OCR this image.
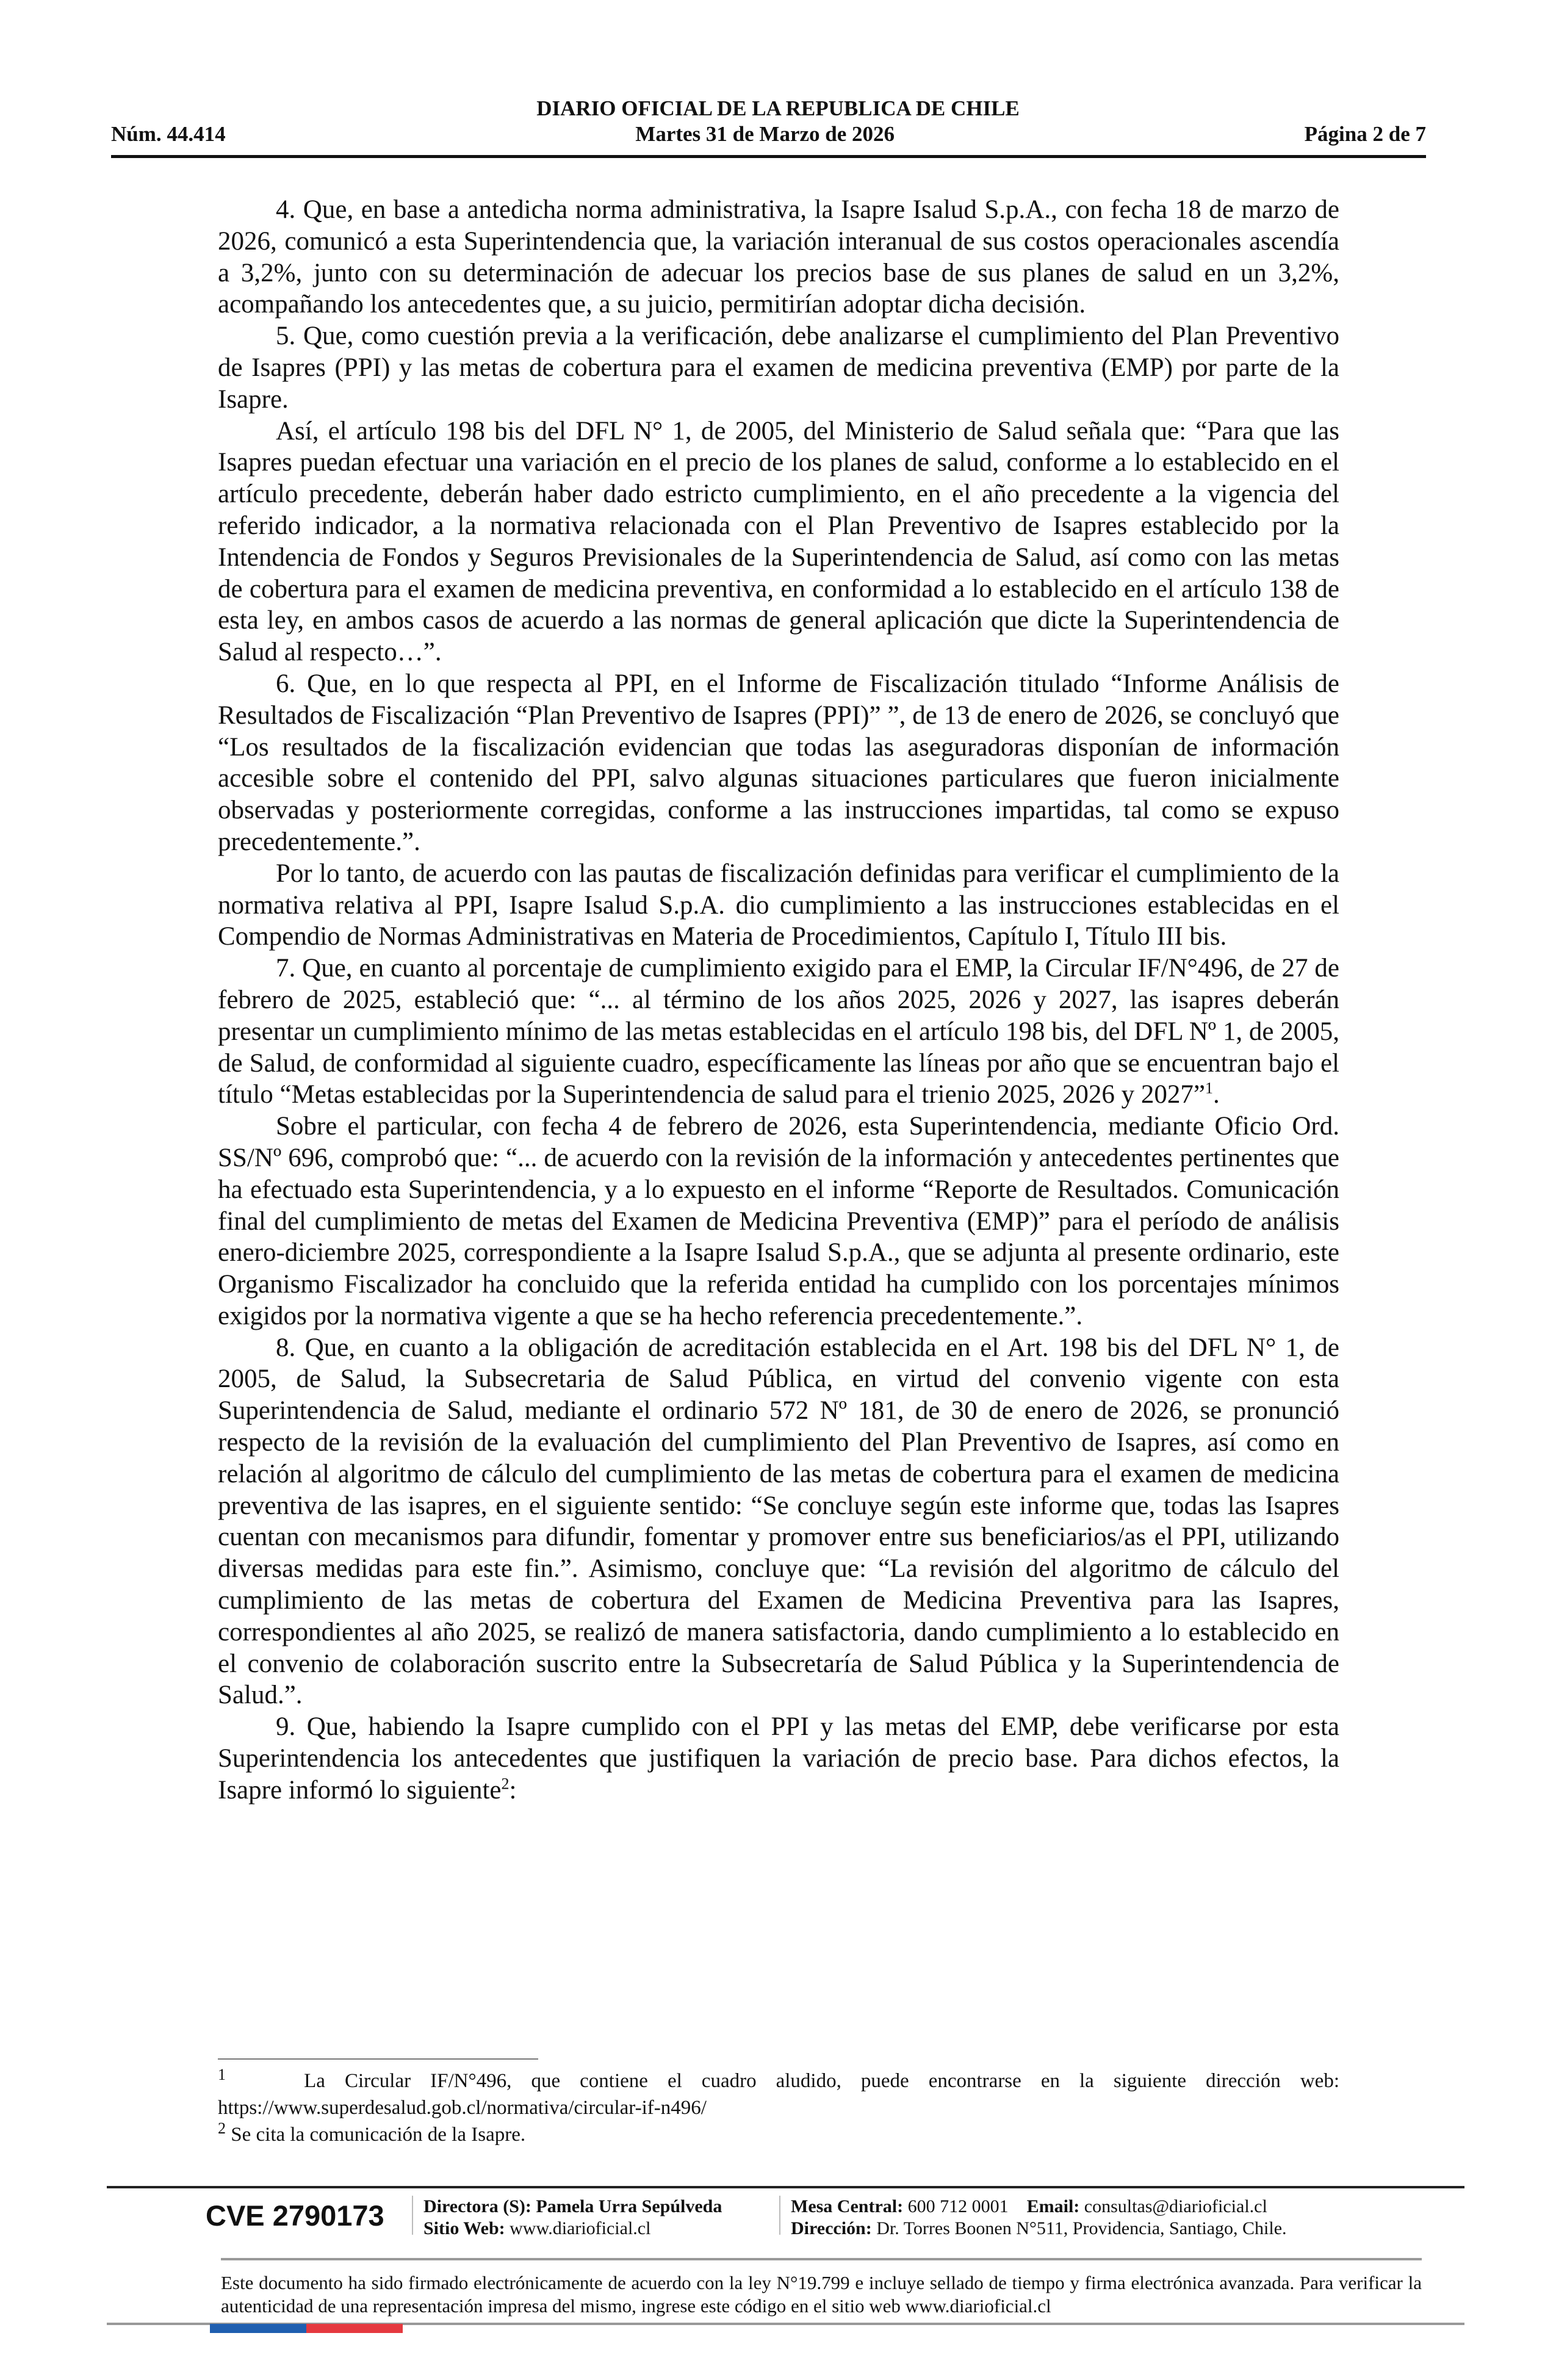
DIARIO OFICIAL DE LA REPUBLICA DE CHILE
Núm. 44.414	Martes 31 de Marzo de 2026	Página 2 de 7

4. Que, en base a antedicha norma administrativa, la Isapre Isalud S.p.A., con fecha 18 de marzo de 2026, comunicó a esta Superintendencia que, la variación interanual de sus costos operacionales ascendía a 3,2%, junto con su determinación de adecuar los precios base de sus planes de salud en un 3,2%, acompañando los antecedentes que, a su juicio, permitirían adoptar dicha decisión.

5. Que, como cuestión previa a la verificación, debe analizarse el cumplimiento del Plan Preventivo de Isapres (PPI) y las metas de cobertura para el examen de medicina preventiva (EMP) por parte de la Isapre.

Así, el artículo 198 bis del DFL N° 1, de 2005, del Ministerio de Salud señala que: “Para que las Isapres puedan efectuar una variación en el precio de los planes de salud, conforme a lo establecido en el artículo precedente, deberán haber dado estricto cumplimiento, en el año precedente a la vigencia del referido indicador, a la normativa relacionada con el Plan Preventivo de Isapres establecido por la Intendencia de Fondos y Seguros Previsionales de la Superintendencia de Salud, así como con las metas de cobertura para el examen de medicina preventiva, en conformidad a lo establecido en el artículo 138 de esta ley, en ambos casos de acuerdo a las normas de general aplicación que dicte la Superintendencia de Salud al respecto…”.

6. Que, en lo que respecta al PPI, en el Informe de Fiscalización titulado “Informe Análisis de Resultados de Fiscalización “Plan Preventivo de Isapres (PPI)” ”, de 13 de enero de 2026, se concluyó que “Los resultados de la fiscalización evidencian que todas las aseguradoras disponían de información accesible sobre el contenido del PPI, salvo algunas situaciones particulares que fueron inicialmente observadas y posteriormente corregidas, conforme a las instrucciones impartidas, tal como se expuso precedentemente.”.

Por lo tanto, de acuerdo con las pautas de fiscalización definidas para verificar el cumplimiento de la normativa relativa al PPI, Isapre Isalud S.p.A. dio cumplimiento a las instrucciones establecidas en el Compendio de Normas Administrativas en Materia de Procedimientos, Capítulo I, Título III bis.

7. Que, en cuanto al porcentaje de cumplimiento exigido para el EMP, la Circular IF/N°496, de 27 de febrero de 2025, estableció que: “... al término de los años 2025, 2026 y 2027, las isapres deberán presentar un cumplimiento mínimo de las metas establecidas en el artículo 198 bis, del DFL Nº 1, de 2005, de Salud, de conformidad al siguiente cuadro, específicamente las líneas por año que se encuentran bajo el título “Metas establecidas por la Superintendencia de salud para el trienio 2025, 2026 y 2027”$^1$.

Sobre el particular, con fecha 4 de febrero de 2026, esta Superintendencia, mediante Oficio Ord. SS/Nº 696, comprobó que: “... de acuerdo con la revisión de la información y antecedentes pertinentes que ha efectuado esta Superintendencia, y a lo expuesto en el informe “Reporte de Resultados. Comunicación final del cumplimiento de metas del Examen de Medicina Preventiva (EMP)” para el período de análisis enero-diciembre 2025, correspondiente a la Isapre Isalud S.p.A., que se adjunta al presente ordinario, este Organismo Fiscalizador ha concluido que la referida entidad ha cumplido con los porcentajes mínimos exigidos por la normativa vigente a que se ha hecho referencia precedentemente.”.

8. Que, en cuanto a la obligación de acreditación establecida en el Art. 198 bis del DFL N° 1, de 2005, de Salud, la Subsecretaria de Salud Pública, en virtud del convenio vigente con esta Superintendencia de Salud, mediante el ordinario 572 Nº 181, de 30 de enero de 2026, se pronunció respecto de la revisión de la evaluación del cumplimiento del Plan Preventivo de Isapres, así como en relación al algoritmo de cálculo del cumplimiento de las metas de cobertura para el examen de medicina preventiva de las isapres, en el siguiente sentido: “Se concluye según este informe que, todas las Isapres cuentan con mecanismos para difundir, fomentar y promover entre sus beneficiarios/as el PPI, utilizando diversas medidas para este fin.”. Asimismo, concluye que: “La revisión del algoritmo de cálculo del cumplimiento de las metas de cobertura del Examen de Medicina Preventiva para las Isapres, correspondientes al año 2025, se realizó de manera satisfactoria, dando cumplimiento a lo establecido en el convenio de colaboración suscrito entre la Subsecretaría de Salud Pública y la Superintendencia de Salud.”.

9. Que, habiendo la Isapre cumplido con el PPI y las metas del EMP, debe verificarse por esta Superintendencia los antecedentes que justifiquen la variación de precio base. Para dichos efectos, la Isapre informó lo siguiente$^2$:

$^1$	La Circular IF/N°496, que contiene el cuadro aludido, puede encontrarse en la siguiente dirección web: https://www.superdesalud.gob.cl/normativa/circular-if-n496/

$^2$ Se cita la comunicación de la Isapre.

CVE 2790173 Directora (S): Pamela Urra Sepúlveda
Sitio Web: www.diarioficial.cl
Mesa Central: 600 712 0001 Email: consultas@diarioficial.cl
Dirección: Dr. Torres Boonen N°511, Providencia, Santiago, Chile.
Este documento ha sido firmado electrónicamente de acuerdo con la ley N°19.799 e incluye sellado de tiempo y firma electrónica avanzada. Para verificar la autenticidad de una representación impresa del mismo, ingrese este código en el sitio web www.diarioficial.cl
